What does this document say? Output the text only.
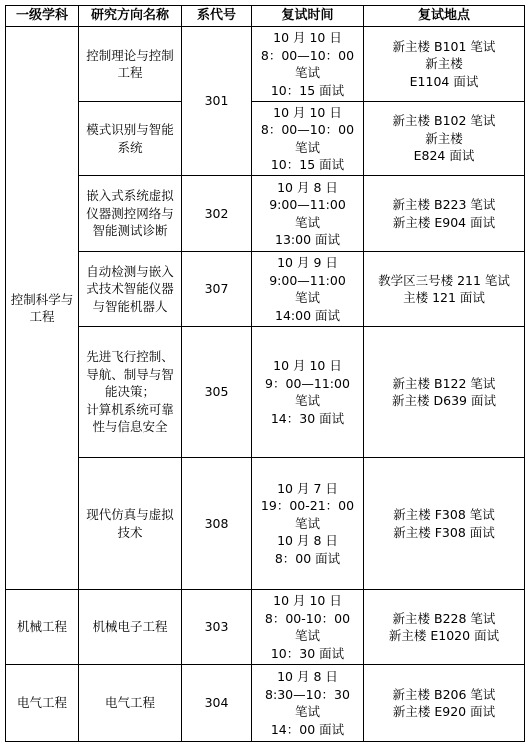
一级学科	研究方向名称	系代号	复试时间	复试地点
控制科学与工程	控制理论与控制工程	301	10 月 10 日
8：00—10：00
笔试
10：15 面试	新主楼 B101 笔试
新主楼
E1104 面试
	模式识别与智能系统		10 月 10 日
8：00—10：00
笔试
10：15 面试	新主楼 B102 笔试
新主楼
E824 面试
	嵌入式系统虚拟仪器测控网络与智能测试诊断	302	10 月 8 日
9:00—11:00
笔试
13:00 面试	新主楼 B223 笔试
新主楼 E904 面试
	自动检测与嵌入式技术智能仪器与智能机器人	307	10 月 9 日
9:00—11:00
笔试
14:00 面试	教学区三号楼 211 笔试
主楼 121 面试
	先进飞行控制、导航、制导与智能决策；
计算机系统可靠性与信息安全	305	10 月 10 日
9：00—11:00
笔试
14：30 面试	新主楼 B122 笔试
新主楼 D639 面试
	现代仿真与虚拟技术	308	10 月 7 日
19：00-21：00
笔试
10 月 8 日
8：00 面试	新主楼 F308 笔试
新主楼 F308 面试
机械工程	机械电子工程	303	10 月 10 日
8：00-10：00
笔试
10：30 面试	新主楼 B228 笔试
新主楼 E1020 面试
电气工程	电气工程	304	10 月 8 日
8:30—10：30
笔试
14：00 面试	新主楼 B206 笔试
新主楼 E920 面试
